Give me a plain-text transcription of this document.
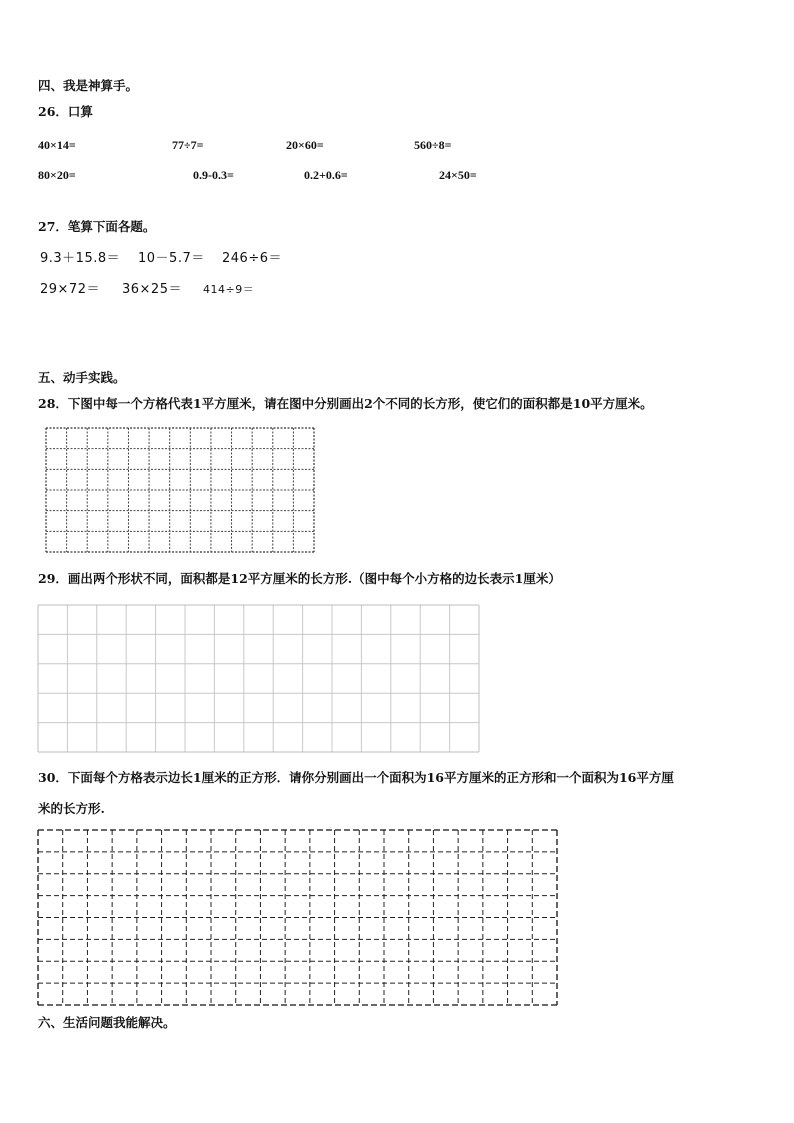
四、我是神算手。
26．口算
40×14=	77÷7=	20×60=	560÷8=
80×20=	0.9-0.3=	0.2+0.6=	24×50=
27．笔算下面各题。
9.3＋15.8＝ 10－5.7＝ 246÷6＝
29×72＝ 36×25＝ 414÷9＝
五、动手实践。
28．下图中每一个方格代表1平方厘米，请在图中分别画出2个不同的长方形，使它们的面积都是10平方厘米。
29．画出两个形状不同，面积都是12平方厘米的长方形.（图中每个小方格的边长表示1厘米）
30．下面每个方格表示边长1厘米的正方形．请你分别画出一个面积为16平方厘米的正方形和一个面积为16平方厘
米的长方形.
六、生活问题我能解决。
